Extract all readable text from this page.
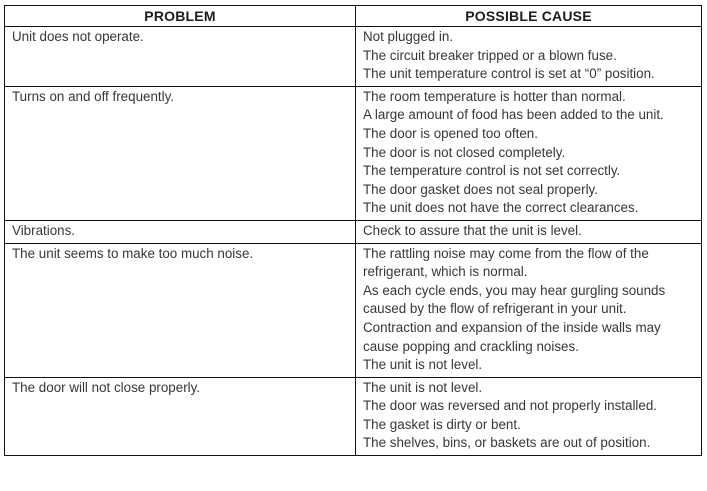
PROBLEM	POSSIBLE CAUSE
Unit does not operate.	Not plugged in.
The circuit breaker tripped or a blown fuse.
The unit temperature control is set at “0” position.

Turns on and off frequently.	The room temperature is hotter than normal.
A large amount of food has been added to the unit.
The door is opened too often.
The door is not closed completely.
The temperature control is not set correctly.
The door gasket does not seal properly.
The unit does not have the correct clearances.

Vibrations.	Check to assure that the unit is level.

The unit seems to make too much noise.	The rattling noise may come from the flow of the refrigerant, which is normal.
As each cycle ends, you may hear gurgling sounds caused by the flow of refrigerant in your unit.
Contraction and expansion of the inside walls may cause popping and crackling noises.
The unit is not level.

The door will not close properly.	The unit is not level.
The door was reversed and not properly installed.
The gasket is dirty or bent.
The shelves, bins, or baskets are out of position.
